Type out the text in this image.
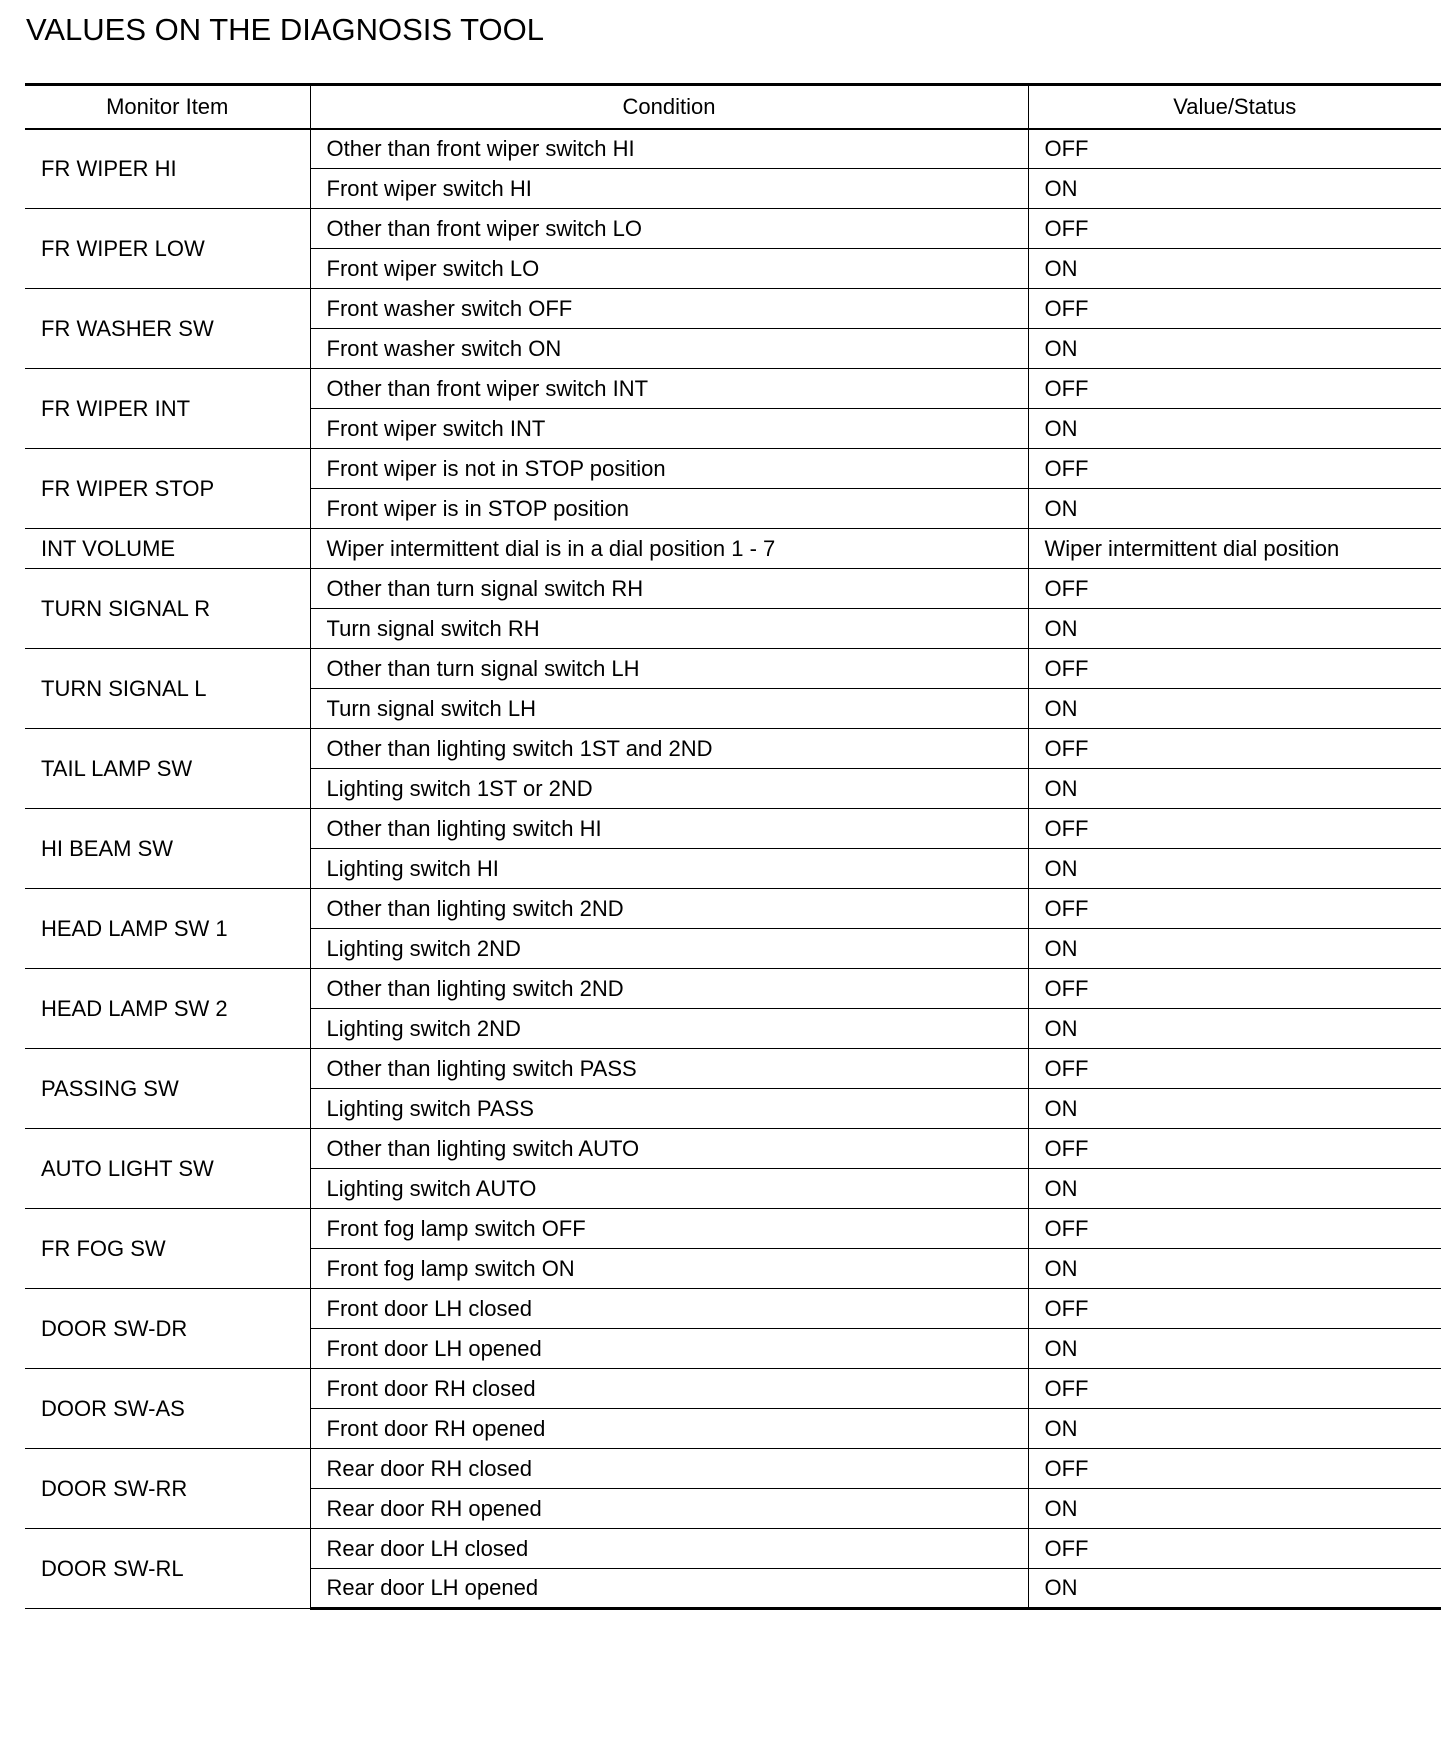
VALUES ON THE DIAGNOSIS TOOL
Monitor Item	Condition	Value/Status
FR WIPER HI	Other than front wiper switch HI	OFF
	Front wiper switch HI	ON
FR WIPER LOW	Other than front wiper switch LO	OFF
	Front wiper switch LO	ON
FR WASHER SW	Front washer switch OFF	OFF
	Front washer switch ON	ON
FR WIPER INT	Other than front wiper switch INT	OFF
	Front wiper switch INT	ON
FR WIPER STOP	Front wiper is not in STOP position	OFF
	Front wiper is in STOP position	ON
INT VOLUME	Wiper intermittent dial is in a dial position 1 - 7	Wiper intermittent dial position
TURN SIGNAL R	Other than turn signal switch RH	OFF
	Turn signal switch RH	ON
TURN SIGNAL L	Other than turn signal switch LH	OFF
	Turn signal switch LH	ON
TAIL LAMP SW	Other than lighting switch 1ST and 2ND	OFF
	Lighting switch 1ST or 2ND	ON
HI BEAM SW	Other than lighting switch HI	OFF
	Lighting switch HI	ON
HEAD LAMP SW 1	Other than lighting switch 2ND	OFF
	Lighting switch 2ND	ON
HEAD LAMP SW 2	Other than lighting switch 2ND	OFF
	Lighting switch 2ND	ON
PASSING SW	Other than lighting switch PASS	OFF
	Lighting switch PASS	ON
AUTO LIGHT SW	Other than lighting switch AUTO	OFF
	Lighting switch AUTO	ON
FR FOG SW	Front fog lamp switch OFF	OFF
	Front fog lamp switch ON	ON
DOOR SW-DR	Front door LH closed	OFF
	Front door LH opened	ON
DOOR SW-AS	Front door RH closed	OFF
	Front door RH opened	ON
DOOR SW-RR	Rear door RH closed	OFF
	Rear door RH opened	ON
DOOR SW-RL	Rear door LH closed	OFF
	Rear door LH opened	ON
